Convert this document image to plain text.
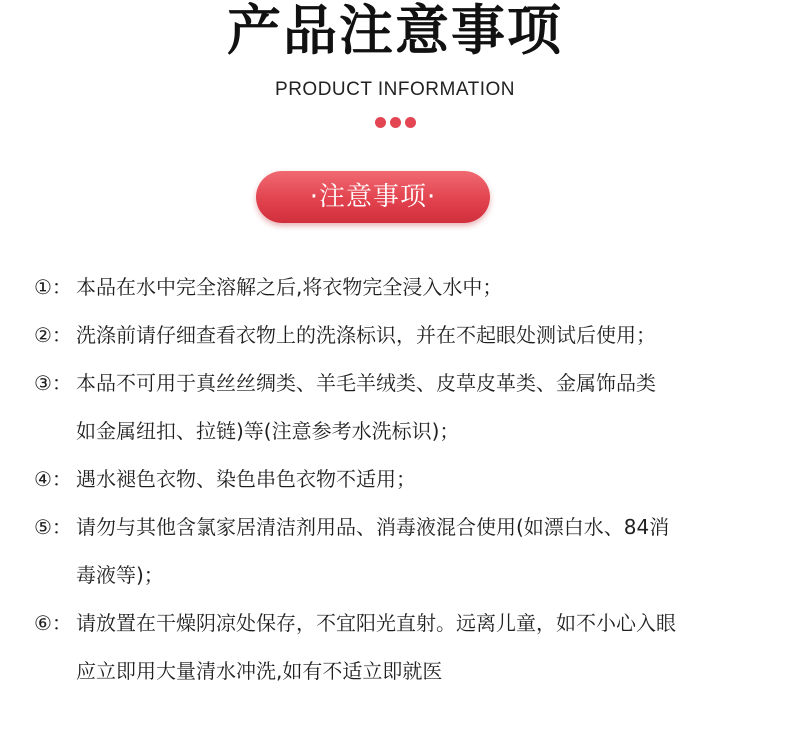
产品注意事项
PRODUCT INFORMATION
·注意事项·
①： 本品在水中完全溶解之后,将衣物完全浸入水中；
②： 洗涤前请仔细查看衣物上的洗涤标识，并在不起眼处测试后使用；
③： 本品不可用于真丝丝绸类、羊毛羊绒类、皮草皮革类、金属饰品类
如金属纽扣、拉链)等(注意参考水洗标识)；
④： 遇水褪色衣物、染色串色衣物不适用；
⑤： 请勿与其他含氯家居清洁剂用品、消毒液混合使用(如漂白水、84消
毒液等)；
⑥： 请放置在干燥阴凉处保存，不宜阳光直射。远离儿童，如不小心入眼
应立即用大量清水冲洗,如有不适立即就医
